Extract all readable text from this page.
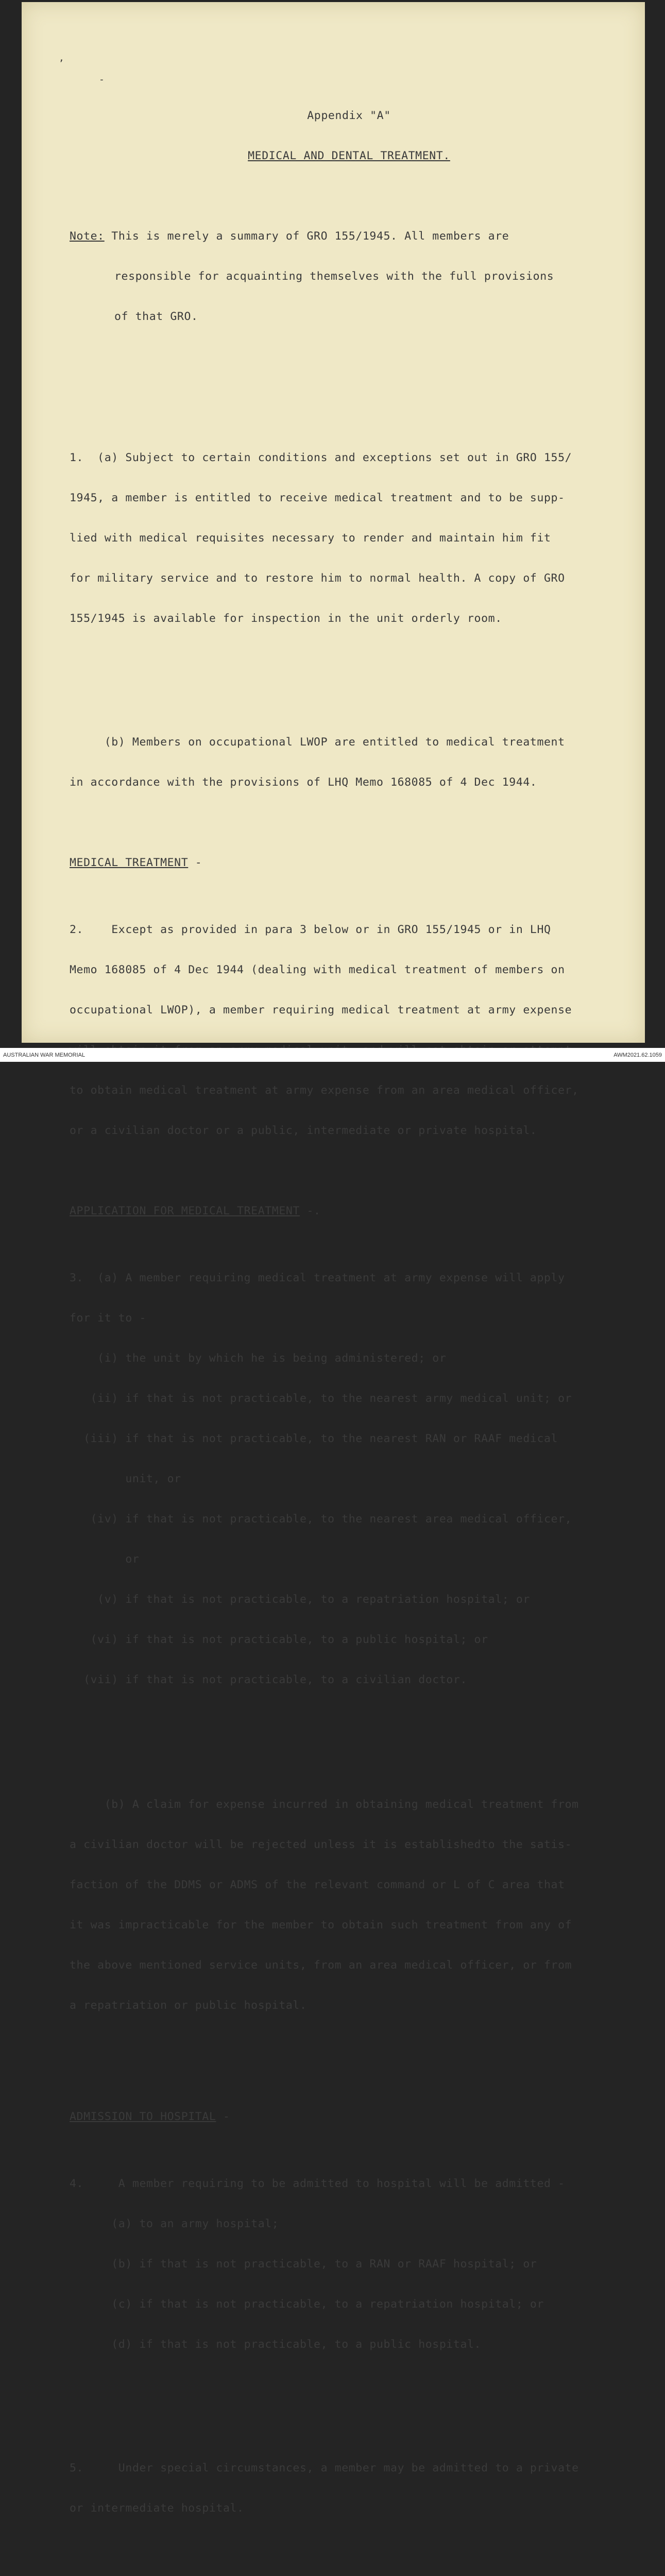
,
-

Appendix "A"

MEDICAL AND DENTAL TREATMENT.

Note: This is merely a summary of GRO 155/1945. All members are

responsible for acquainting themselves with the full provisions

of that GRO.

1.  (a) Subject to certain conditions and exceptions set out in GRO 155/

1945, a member is entitled to receive medical treatment and to be supp-

lied with medical requisites necessary to render and maintain him fit

for military service and to restore him to normal health. A copy of GRO

155/1945 is available for inspection in the unit orderly room.

(b) Members on occupational LWOP are entitled to medical treatment

in accordance with the provisions of LHQ Memo 168085 of 4 Dec 1944.

MEDICAL TREATMENT -

2.    Except as provided in para 3 below or in GRO 155/1945 or in LHQ

Memo 168085 of 4 Dec 1944 (dealing with medical treatment of members on

occupational LWOP), a member requiring medical treatment at army expense

to obtain medical treatment at army expense from an area medical officer,

or a civilian doctor or a public, intermediate or private hospital.

APPLICATION FOR MEDICAL TREATMENT -.

3.  (a) A member requiring medical treatment at army expense will apply

for it to -

(i) the unit by which he is being administered; or

(ii) if that is not practicable, to the nearest army medical unit; or

(iii) if that is not practicable, to the nearest RAN or RAAF medical

unit, or

(iv) if that is not practicable, to the nearest area medical officer,

or

(v) if that is not practicable, to a repatriation hospital; or

(vi) if that is not practicable, to a public hospital; or

(vii) if that is not practicable, to a civilian doctor.

(b) A claim for expense incurred in obtaining medical treatment from

a civilian doctor will be rejected unless it is establishedto the satis-

faction of the DDMS or ADMS of the relevant command or L of C area that

it was impracticable for the member to obtain such treatment from any of

the above mentioned service units, from an area medical officer, or from

a repatriation or public hospital.

ADMISSION TO HOSPITAL -

4.     A member requiring to be admitted to hospital will be admitted -

(a) to an army hospital;

(b) if that is not practicable, to a RAN or RAAF hospital; or

(c) if that is not practicable, to a repatriation hospital; or

(d) if that is not practicable, to a public hospital.

5.     Under special circumstances, a member may be admitted to a private

or intermediate hospital.

AUSTRALIAN WAR MEMORIAL	AWM2021.62.1059
